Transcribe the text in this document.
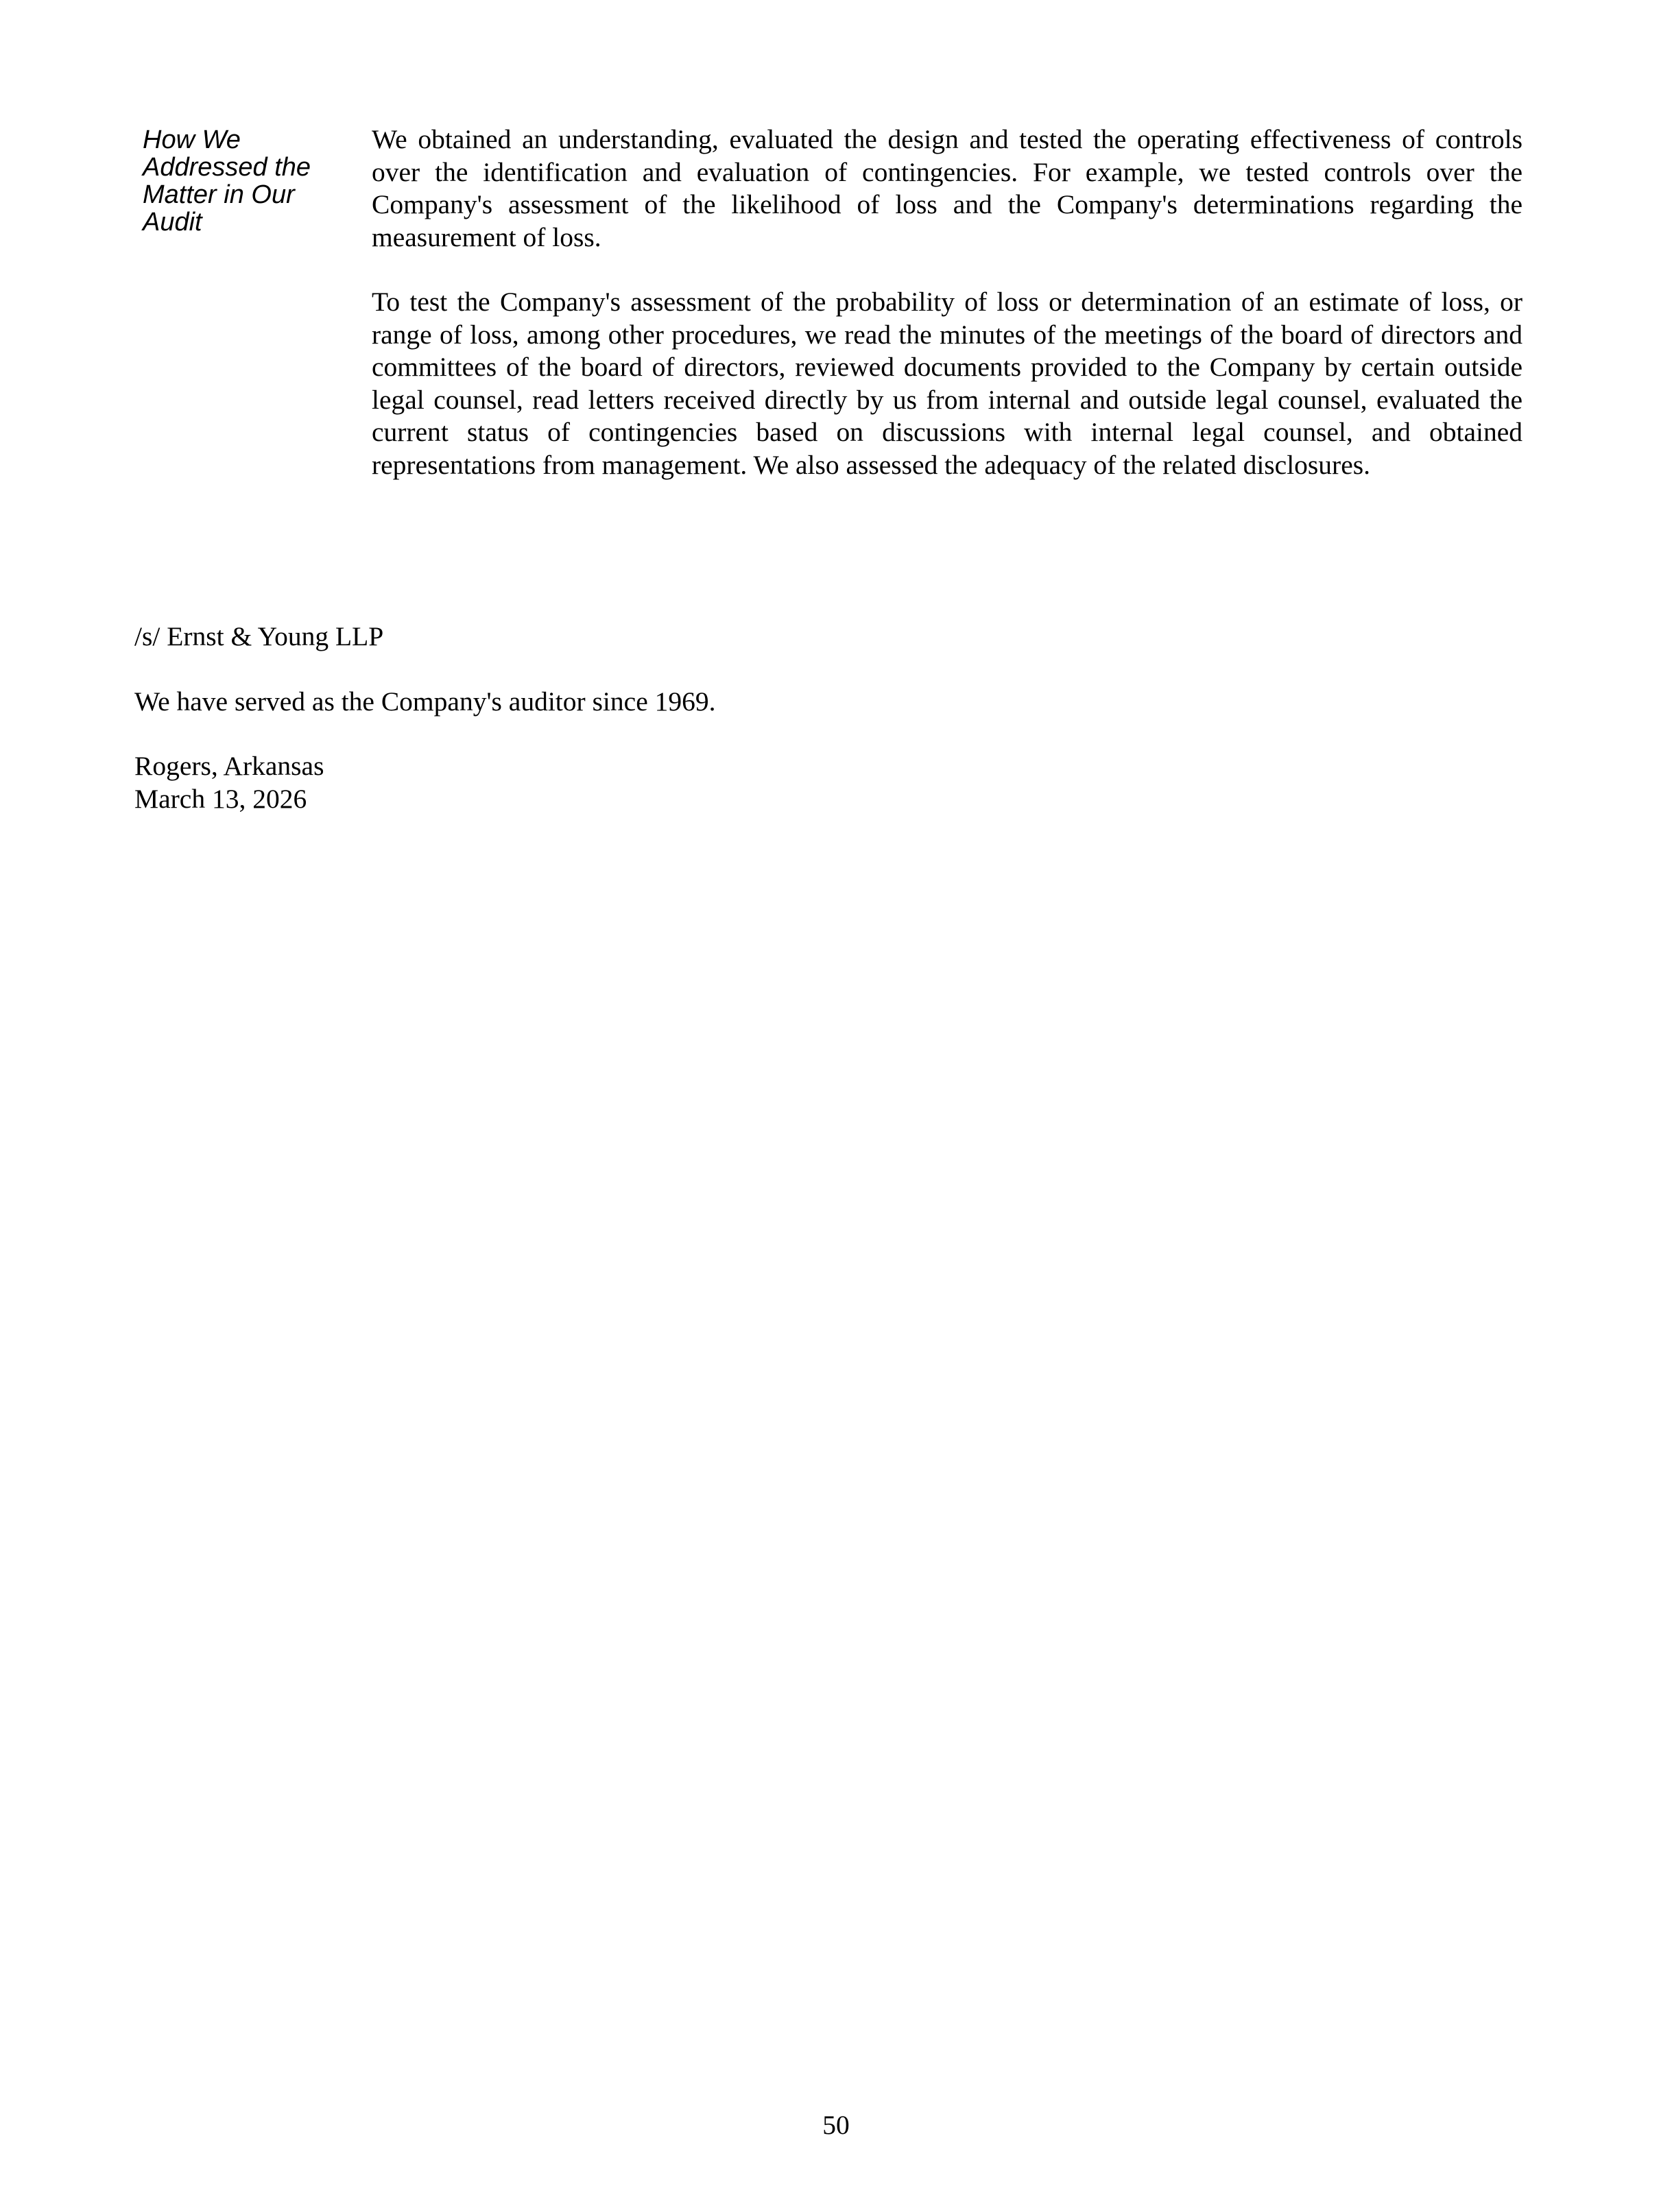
How We Addressed the Matter in Our Audit

We obtained an understanding, evaluated the design and tested the operating effectiveness of controls over the identification and evaluation of contingencies. For example, we tested controls over the Company's assessment of the likelihood of loss and the Company's determinations regarding the measurement of loss.

To test the Company's assessment of the probability of loss or determination of an estimate of loss, or range of loss, among other procedures, we read the minutes of the meetings of the board of directors and committees of the board of directors, reviewed documents provided to the Company by certain outside legal counsel, read letters received directly by us from internal and outside legal counsel, evaluated the current status of contingencies based on discussions with internal legal counsel, and obtained representations from management. We also assessed the adequacy of the related disclosures.

/s/ Ernst & Young LLP

We have served as the Company's auditor since 1969.

Rogers, Arkansas
March 13, 2026

50
